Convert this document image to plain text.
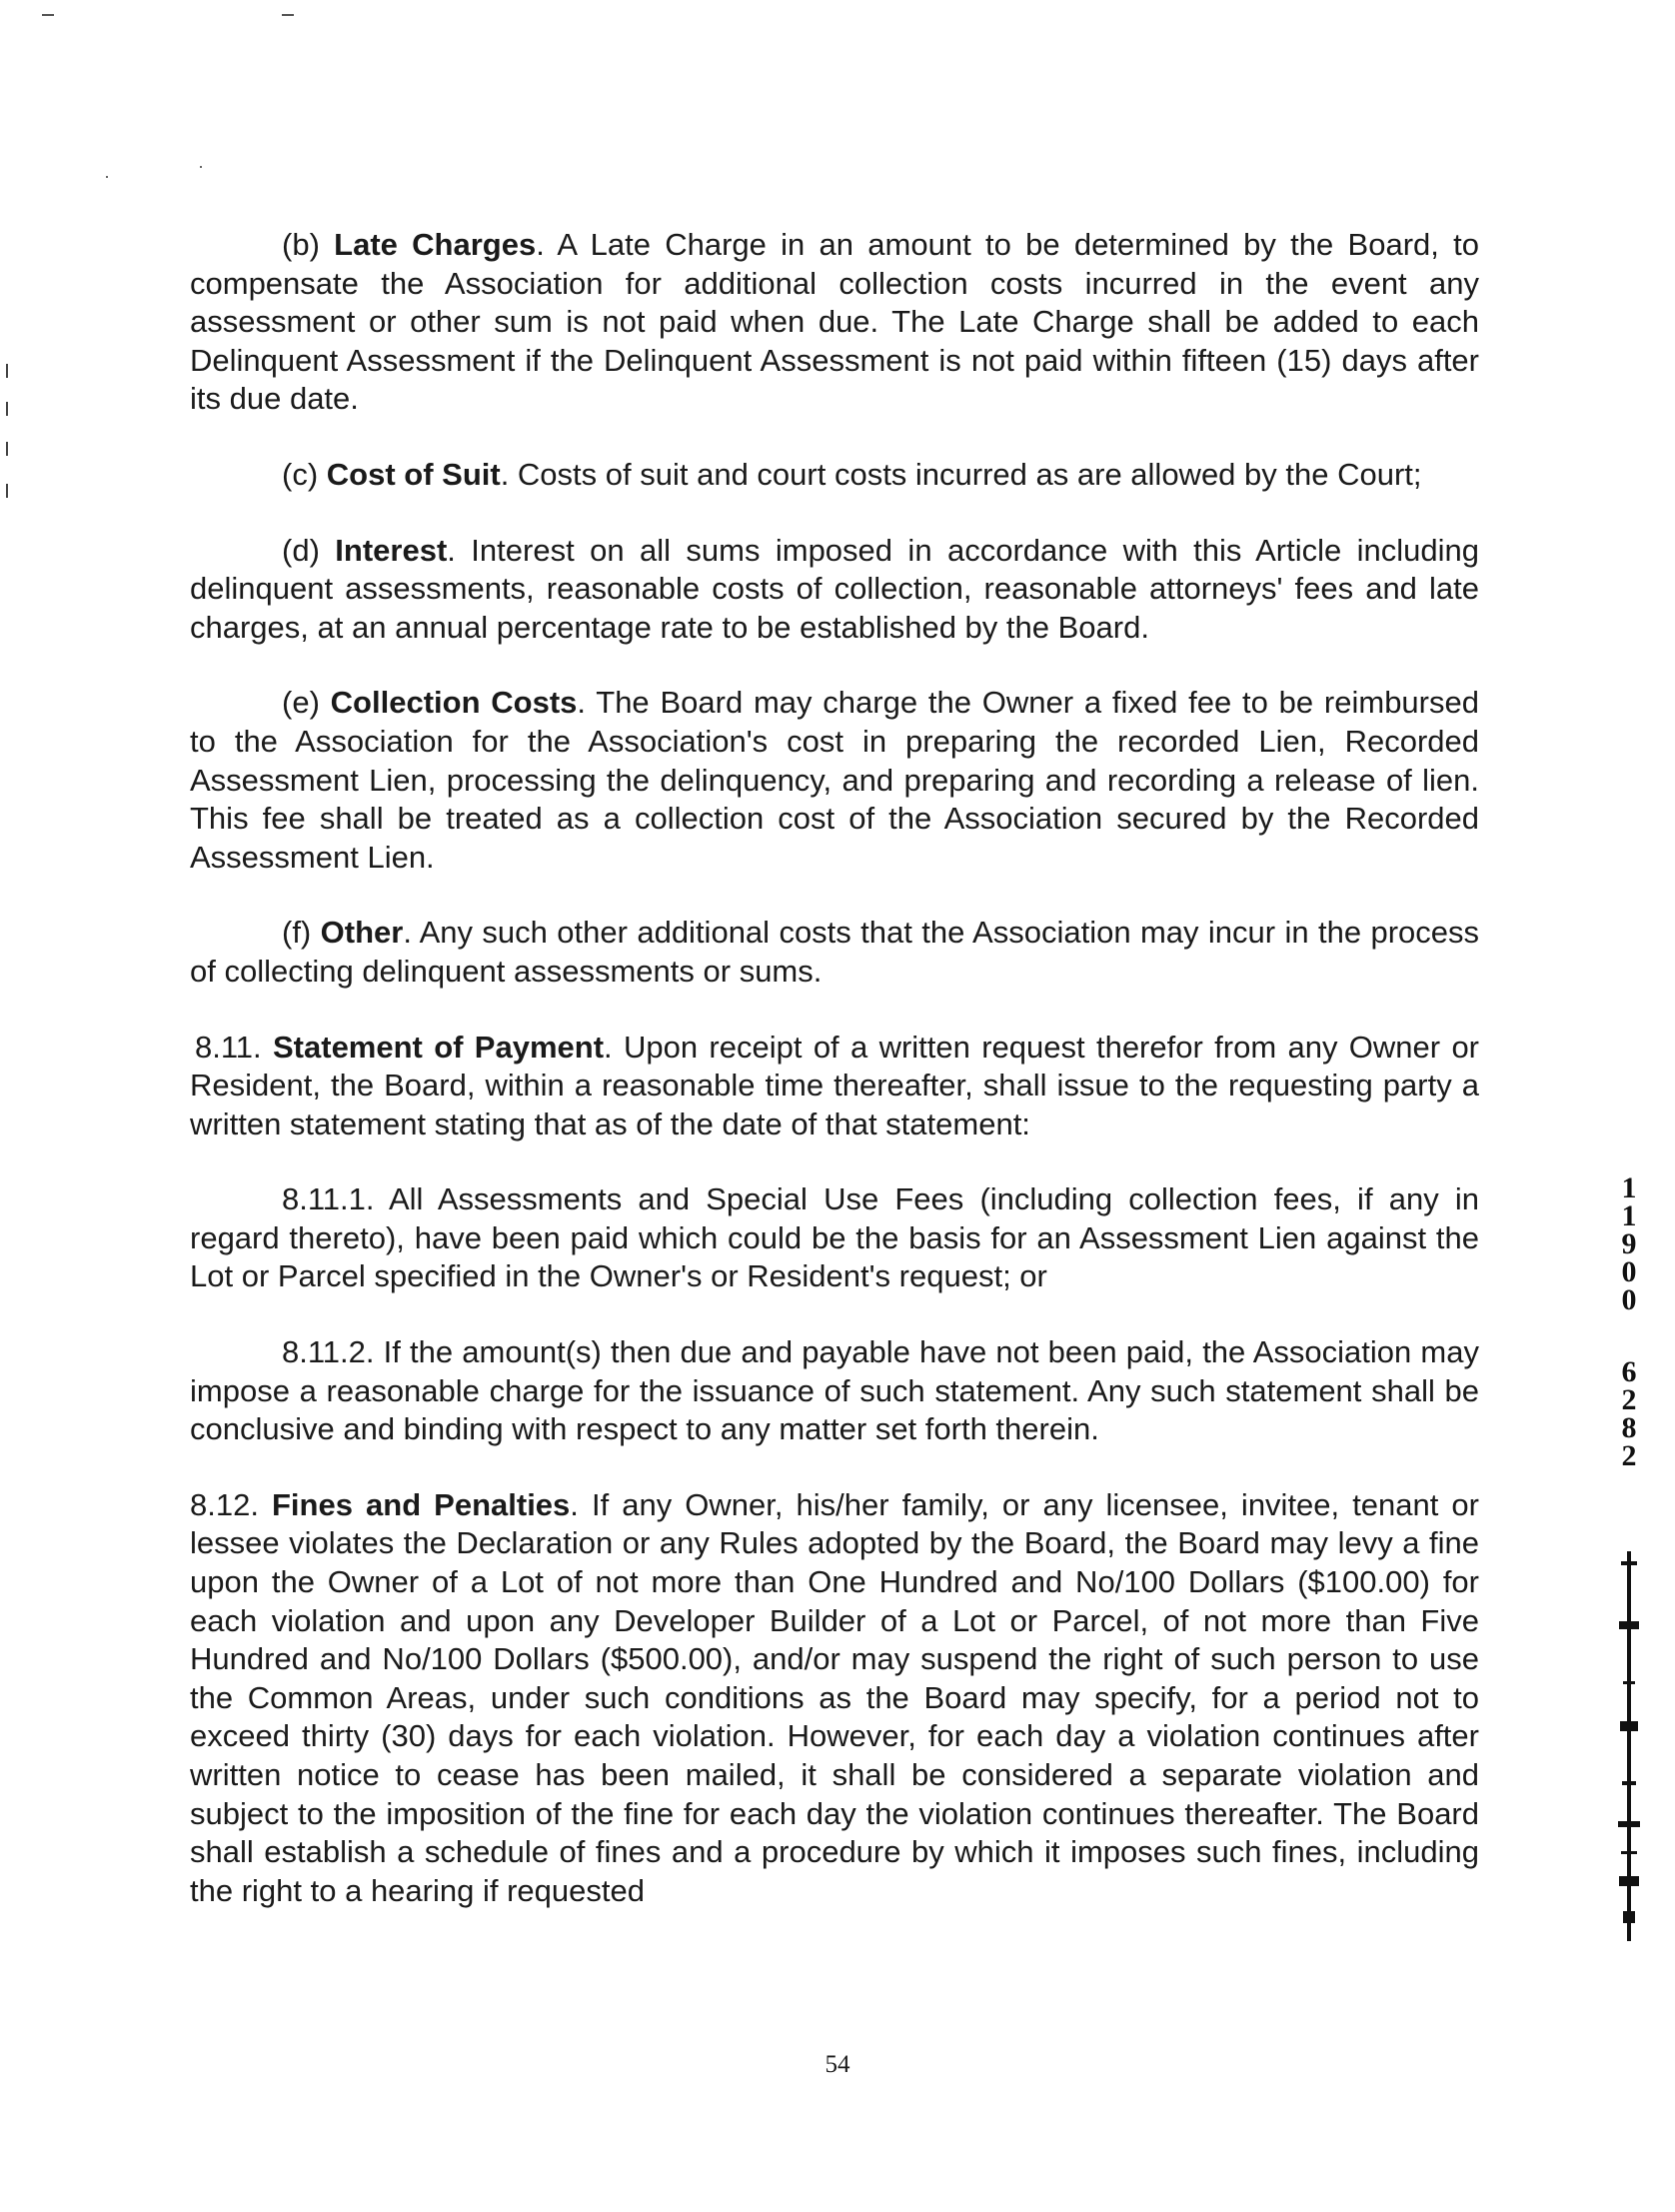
(b) Late Charges. A Late Charge in an amount to be determined by the Board, to compensate the Association for additional collection costs incurred in the event any assessment or other sum is not paid when due. The Late Charge shall be added to each Delinquent Assessment if the Delinquent Assessment is not paid within fifteen (15) days after its due date.

(c) Cost of Suit. Costs of suit and court costs incurred as are allowed by the Court;

(d) Interest. Interest on all sums imposed in accordance with this Article including delinquent assessments, reasonable costs of collection, reasonable attorneys' fees and late charges, at an annual percentage rate to be established by the Board.

(e) Collection Costs. The Board may charge the Owner a fixed fee to be reimbursed to the Association for the Association's cost in preparing the recorded Lien, Recorded Assessment Lien, processing the delinquency, and preparing and recording a release of lien. This fee shall be treated as a collection cost of the Association secured by the Recorded Assessment Lien.

(f) Other. Any such other additional costs that the Association may incur in the process of collecting delinquent assessments or sums.

8.11. Statement of Payment. Upon receipt of a written request therefor from any Owner or Resident, the Board, within a reasonable time thereafter, shall issue to the requesting party a written statement stating that as of the date of that statement:

8.11.1. All Assessments and Special Use Fees (including collection fees, if any in regard thereto), have been paid which could be the basis for an Assessment Lien against the Lot or Parcel specified in the Owner's or Resident's request; or

8.11.2. If the amount(s) then due and payable have not been paid, the Association may impose a reasonable charge for the issuance of such statement. Any such statement shall be conclusive and binding with respect to any matter set forth therein.

8.12. Fines and Penalties. If any Owner, his/her family, or any licensee, invitee, tenant or lessee violates the Declaration or any Rules adopted by the Board, the Board may levy a fine upon the Owner of a Lot of not more than One Hundred and No/100 Dollars ($100.00) for each violation and upon any Developer Builder of a Lot or Parcel, of not more than Five Hundred and No/100 Dollars ($500.00), and/or may suspend the right of such person to use the Common Areas, under such conditions as the Board may specify, for a period not to exceed thirty (30) days for each violation. However, for each day a violation continues after written notice to cease has been mailed, it shall be considered a separate violation and subject to the imposition of the fine for each day the violation continues thereafter. The Board shall establish a schedule of fines and a procedure by which it imposes such fines, including the right to a hearing if requested

54
1
1
9
0
0
6
2
8
2
